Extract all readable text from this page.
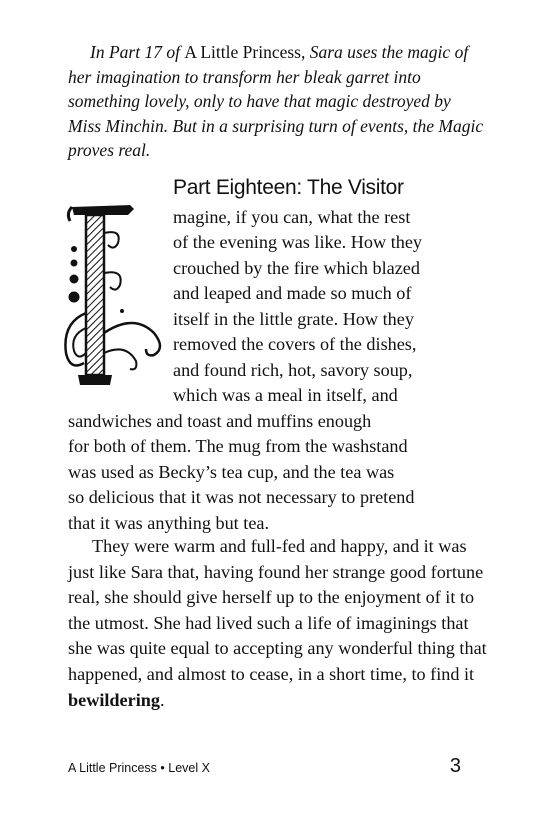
In Part 17 of A Little Princess, Sara uses the magic of her imagination to transform her bleak garret into something lovely, only to have that magic destroyed by Miss Minchin. But in a surprising turn of events, the Magic proves real.

Part Eighteen: The Visitor
magine, if you can, what the rest
of the evening was like. How they
crouched by the fire which blazed
and leaped and made so much of
itself in the little grate. How they
removed the covers of the dishes,
and found rich, hot, savory soup,
which was a meal in itself, and
sandwiches and toast and muffins enough
for both of them. The mug from the washstand
was used as Becky’s tea cup, and the tea was
so delicious that it was not necessary to pretend
that it was anything but tea.

They were warm and full-fed and happy, and it was just like Sara that, having found her strange good fortune real, she should give herself up to the enjoyment of it to the utmost. She had lived such a life of imaginings that she was quite equal to accepting any wonderful thing that happened, and almost to cease, in a short time, to find it bewildering.

A Little Princess • Level X	3
